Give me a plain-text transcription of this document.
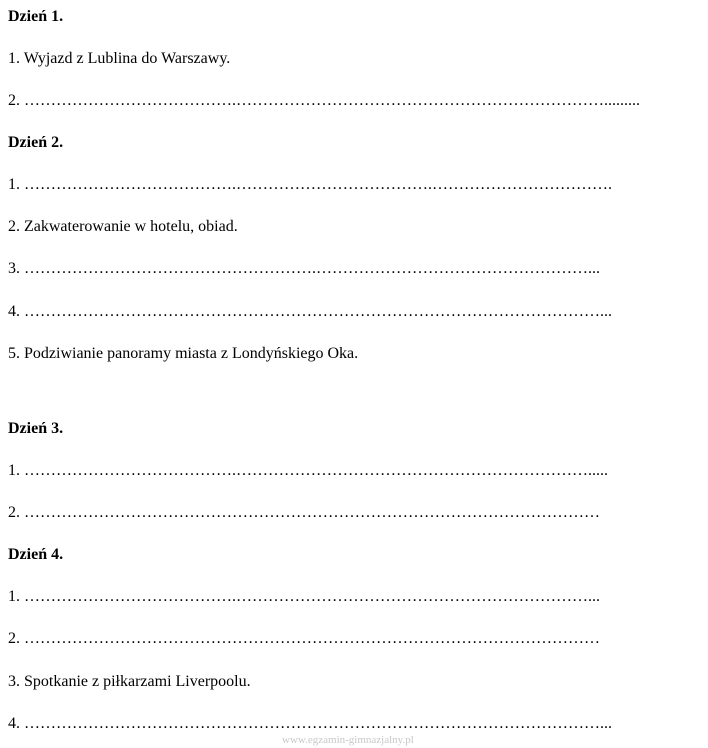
Dzień 1.
1. Wyjazd z Lublina do Warszawy.
2. ………………………………….…………………………………………………………….........
Dzień 2.
1. ………………………………….……………………………….…………………………….
2. Zakwaterowanie w hotelu, obiad.
3. ……………………………………………….……………………………………………...
4. ………………………………………………………………………………………………...
5. Podziwianie panoramy miasta z Londyńskiego Oka.
Dzień 3.
1. ………………………………….………………………………………………………….....
2. ………………………………………………………………………………………………
Dzień 4.
1. ………………………………….…………………………………………………………...
2. ………………………………………………………………………………………………
3. Spotkanie z piłkarzami Liverpoolu.
4. ………………………………………………………………………………………………...
www.egzamin-gimnazjalny.pl
